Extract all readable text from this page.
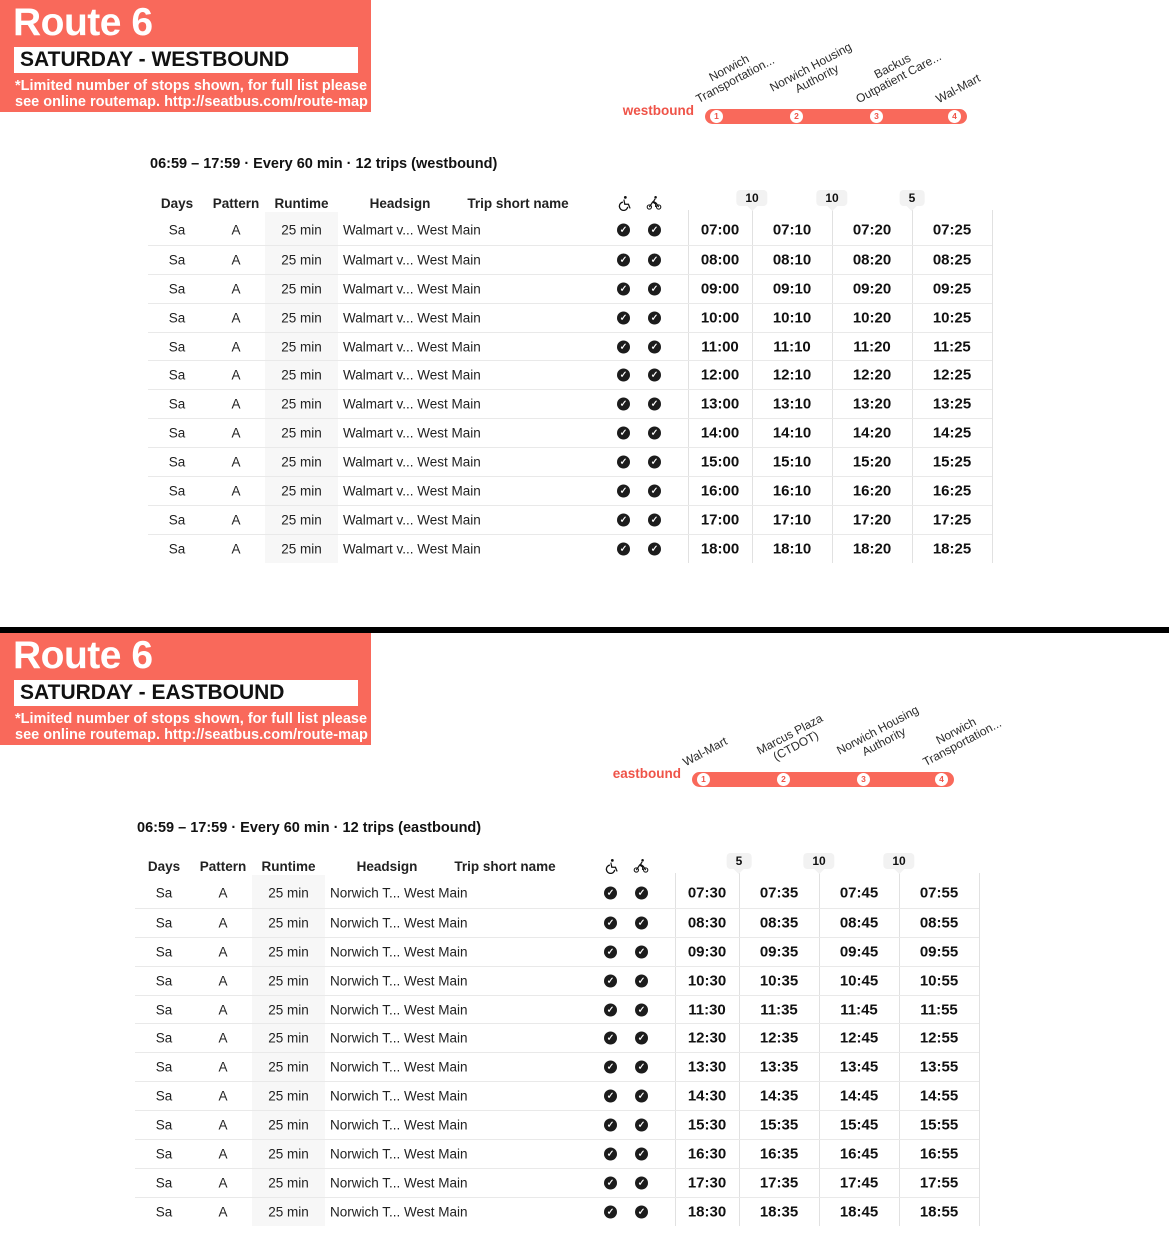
Route 6
SATURDAY - WESTBOUND
*Limited number of stops shown, for full list please
see online routemap. http://seatbus.com/route-map
westbound
Norwich
Transportation...
Norwich Housing
Authority	Backus
Outpatient Care...
Wal-Mart
1	2	3	4
06:59 – 17:59 · Every 60 min · 12 trips (westbound)
10	10	5
Days	Pattern	Runtime	Headsign	Trip short name
Sa	A	25 min	Walmart v... West Main	✓	✓	07:00	07:10	07:20	07:25
Sa	A	25 min	Walmart v... West Main	✓	✓	08:00	08:10	08:20	08:25
Sa	A	25 min	Walmart v... West Main	✓	✓	09:00	09:10	09:20	09:25
Sa	A	25 min	Walmart v... West Main	✓	✓	10:00	10:10	10:20	10:25
Sa	A	25 min	Walmart v... West Main	✓	✓	11:00	11:10	11:20	11:25
Sa	A	25 min	Walmart v... West Main	✓	✓	12:00	12:10	12:20	12:25
Sa	A	25 min	Walmart v... West Main	✓	✓	13:00	13:10	13:20	13:25
Sa	A	25 min	Walmart v... West Main	✓	✓	14:00	14:10	14:20	14:25
Sa	A	25 min	Walmart v... West Main	✓	✓	15:00	15:10	15:20	15:25
Sa	A	25 min	Walmart v... West Main	✓	✓	16:00	16:10	16:20	16:25
Sa	A	25 min	Walmart v... West Main	✓	✓	17:00	17:10	17:20	17:25
Sa	A	25 min	Walmart v... West Main	✓	✓	18:00	18:10	18:20	18:25
Route 6
SATURDAY - EASTBOUND
*Limited number of stops shown, for full list please
see online routemap. http://seatbus.com/route-map
eastbound
Wal-Mart Marcus Plaza
(CTDOT)	Norwich Housing
Authority	Norwich
Transportation...
1	2	3	4
06:59 – 17:59 · Every 60 min · 12 trips (eastbound)
5	10	10
Days	Pattern	Runtime	Headsign	Trip short name
Sa	A	25 min	Norwich T... West Main	✓	✓	07:30	07:35	07:45	07:55
Sa	A	25 min	Norwich T... West Main	✓	✓	08:30	08:35	08:45	08:55
Sa	A	25 min	Norwich T... West Main	✓	✓	09:30	09:35	09:45	09:55
Sa	A	25 min	Norwich T... West Main	✓	✓	10:30	10:35	10:45	10:55
Sa	A	25 min	Norwich T... West Main	✓	✓	11:30	11:35	11:45	11:55
Sa	A	25 min	Norwich T... West Main	✓	✓	12:30	12:35	12:45	12:55
Sa	A	25 min	Norwich T... West Main	✓	✓	13:30	13:35	13:45	13:55
Sa	A	25 min	Norwich T... West Main	✓	✓	14:30	14:35	14:45	14:55
Sa	A	25 min	Norwich T... West Main	✓	✓	15:30	15:35	15:45	15:55
Sa	A	25 min	Norwich T... West Main	✓	✓	16:30	16:35	16:45	16:55
Sa	A	25 min	Norwich T... West Main	✓	✓	17:30	17:35	17:45	17:55
Sa	A	25 min	Norwich T... West Main	✓	✓	18:30	18:35	18:45	18:55
